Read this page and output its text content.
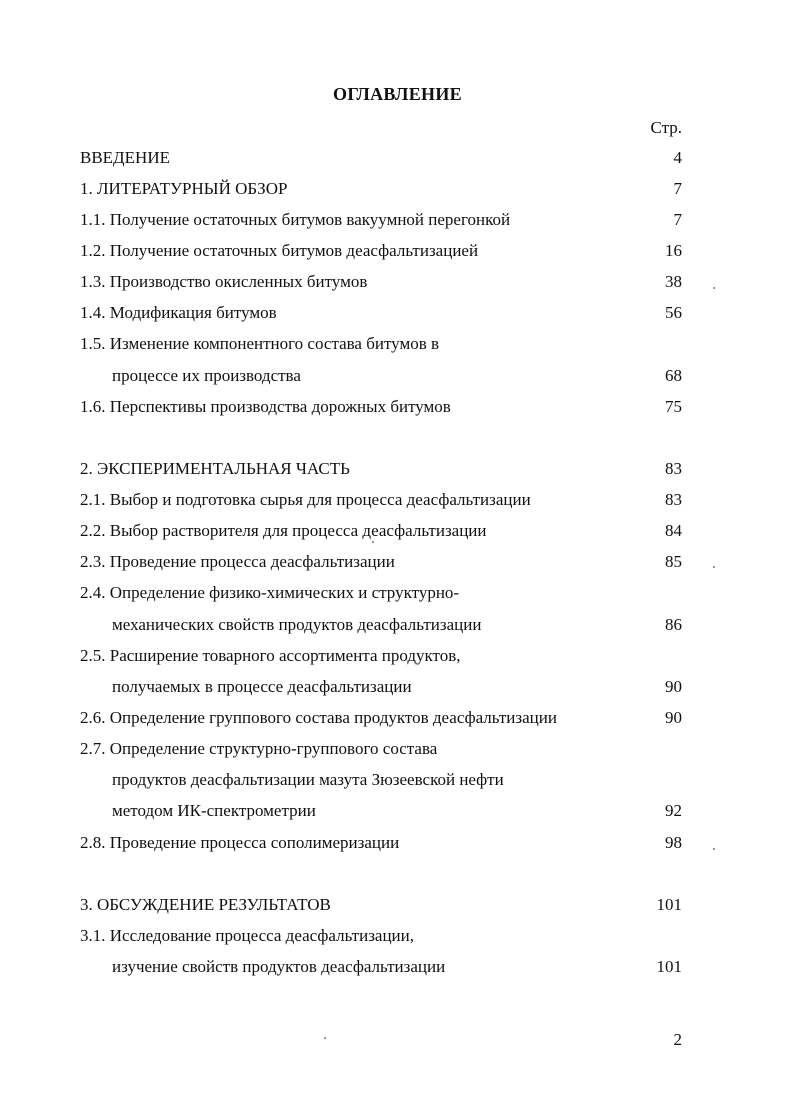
ОГЛАВЛЕНИЕ
Стр.
ВВЕДЕНИЕ	4
1. ЛИТЕРАТУРНЫЙ ОБЗОР	7
1.1. Получение остаточных битумов вакуумной перегонкой	7
1.2. Получение остаточных битумов деасфальтизацией	16
1.3. Производство окисленных битумов	38
1.4. Модификация битумов	56
1.5. Изменение компонентного состава битумов в
процессе их производства	68
1.6. Перспективы производства дорожных битумов	75
2. ЭКСПЕРИМЕНТАЛЬНАЯ ЧАСТЬ	83
2.1. Выбор и подготовка сырья для процесса деасфальтизации	83
2.2. Выбор растворителя для процесса деасфальтизации	84
2.3. Проведение процесса деасфальтизации	85
2.4. Определение физико-химических и структурно-
механических свойств продуктов деасфальтизации	86
2.5. Расширение товарного ассортимента продуктов,
получаемых в процессе деасфальтизации	90
2.6. Определение группового состава продуктов деасфальтизации	90
2.7. Определение структурно-группового состава
продуктов деасфальтизации мазута Зюзеевской нефти
методом ИК-спектрометрии	92
2.8. Проведение процесса сополимеризации	98
3. ОБСУЖДЕНИЕ РЕЗУЛЬТАТОВ	101
3.1. Исследование процесса деасфальтизации,
изучение свойств продуктов деасфальтизации	101
2
